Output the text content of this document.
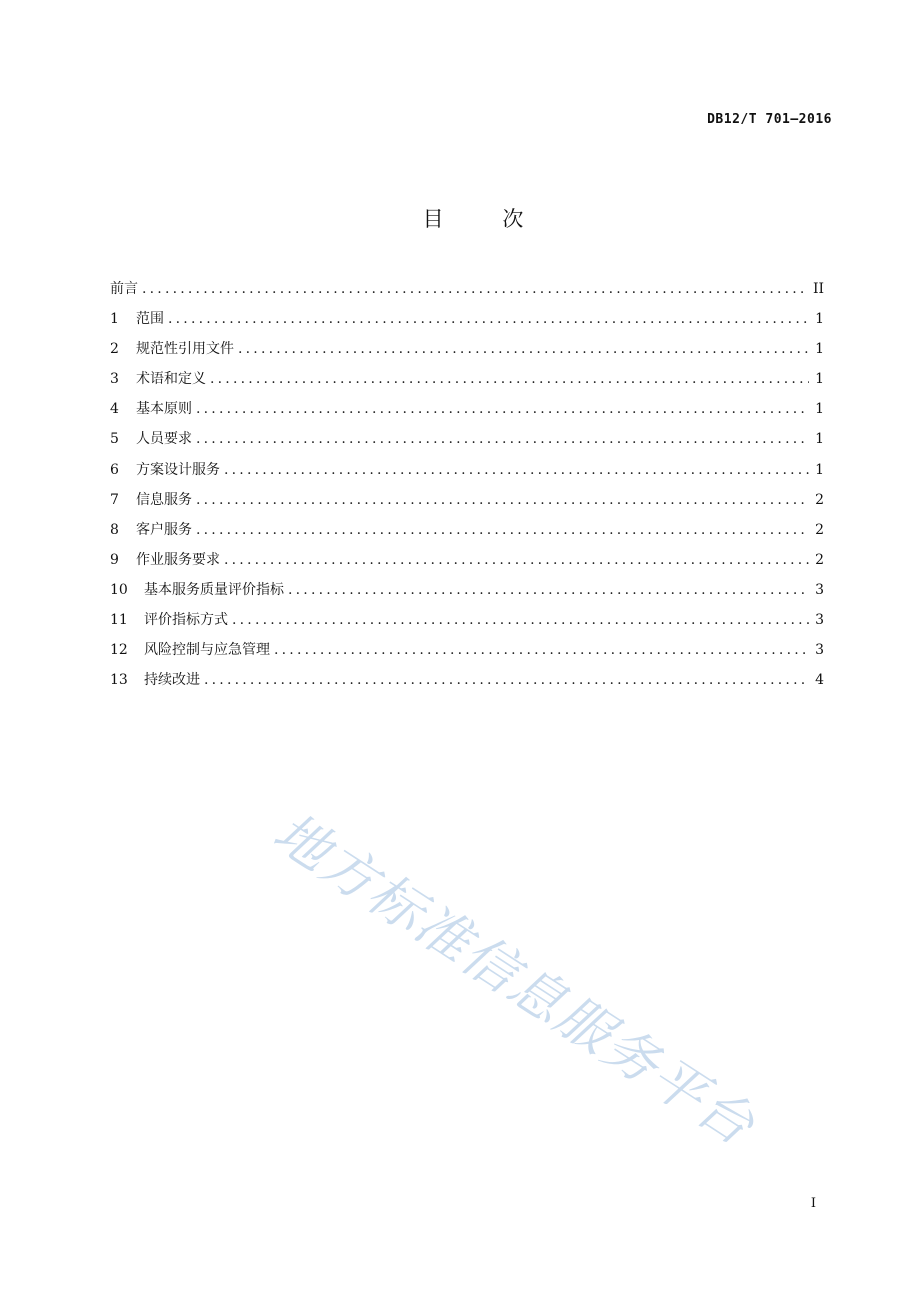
DB12/T 701—2016
目 次
前言 .....	II
1	范围 .....	1
2	规范性引用文件 .....	1
3	术语和定义 .....	1
4	基本原则 .....	1
5	人员要求 .....	1
6	方案设计服务 .....	1
7	信息服务 .....	2
8	客户服务 .....	2
9	作业服务要求 .....	2
10	基本服务质量评价指标 .....	3
11	评价指标方式 .....	3
12	风险控制与应急管理 .....	3
13	持续改进 .....	4
地方标准信息服务平台
I
